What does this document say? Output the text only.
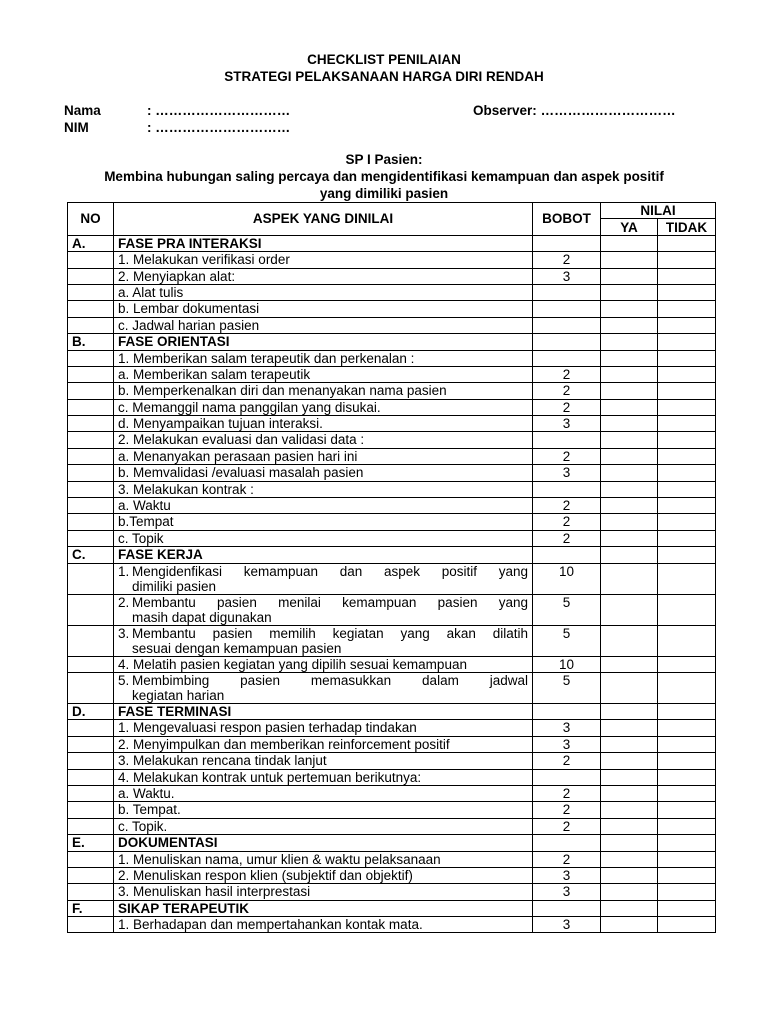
CHECKLIST PENILAIAN
STRATEGI PELAKSANAAN HARGA DIRI RENDAH
Nama	: …………………………
NIM	: …………………………
Observer: …………………………
SP I Pasien:
Membina hubungan saling percaya dan mengidentifikasi kemampuan dan aspek positif
yang dimiliki pasien
NO	ASPEK YANG DINILAI	BOBOT	NILAI	
			YA	TIDAK
A.	FASE PRA INTERAKSI			
	1. Melakukan verifikasi order	2		
	2. Menyiapkan alat:	3		
	a. Alat tulis			
	b. Lembar dokumentasi			
	c. Jadwal harian pasien			
B.	FASE ORIENTASI			
	1. Memberikan salam terapeutik dan perkenalan :			
	a. Memberikan salam terapeutik	2		
	b. Memperkenalkan diri dan menanyakan nama pasien	2		
	c. Memanggil nama panggilan yang disukai.	2		
	d. Menyampaikan tujuan interaksi.	3		
	2. Melakukan evaluasi dan validasi data :			
	a. Menanyakan perasaan pasien hari ini	2		
	b. Memvalidasi /evaluasi masalah pasien	3		
	3. Melakukan kontrak :			
	a. Waktu	2		
	b.Tempat	2		
	c. Topik	2		
C.	FASE KERJA			

	1. Mengidenfikasi kemampuan dan aspek positif yang
dimiliki pasien	10		

	2. Membantu pasien menilai kemampuan pasien yang
masih dapat digunakan	5		

	3. Membantu pasien memilih kegiatan yang akan dilatih
sesuai dengan kemampuan pasien	5		
	4. Melatih pasien kegiatan yang dipilih sesuai kemampuan	10		

	5. Membimbing pasien memasukkan dalam jadwal
kegiatan harian	5		
D.	FASE TERMINASI			
	1. Mengevaluasi respon pasien terhadap tindakan	3		
	2. Menyimpulkan dan memberikan reinforcement positif	3		
	3. Melakukan rencana tindak lanjut	2		
	4. Melakukan kontrak untuk pertemuan berikutnya:			
	a. Waktu.	2		
	b. Tempat.	2		
	c. Topik.	2		
E.	DOKUMENTASI			
	1. Menuliskan nama, umur klien & waktu pelaksanaan	2		
	2. Menuliskan respon klien (subjektif dan objektif)	3		
	3. Menuliskan hasil interprestasi	3		
F.	SIKAP TERAPEUTIK			
	1. Berhadapan dan mempertahankan kontak mata.	3		
